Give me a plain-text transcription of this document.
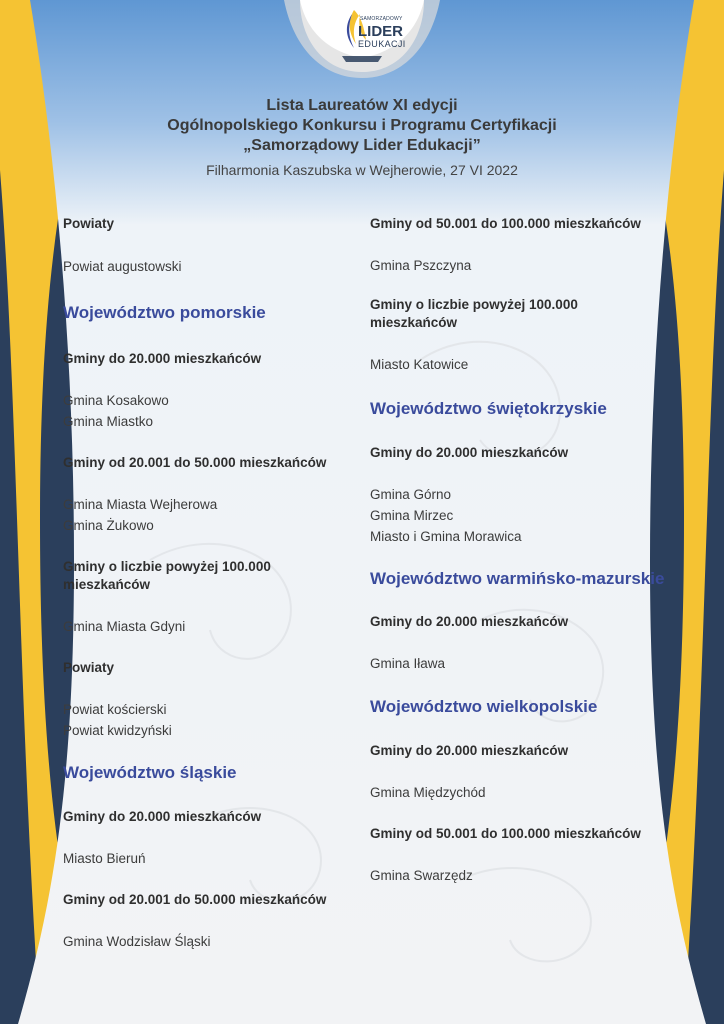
SAMORZĄDOWY
LIDER
EDUKACJI
Lista Laureatów XI edycji
Ogólnopolskiego Konkursu i Programu Certyfikacji
„Samorządowy Lider Edukacji”
Filharmonia Kaszubska w Wejherowie, 27 VI 2022
Powiaty
Powiat augustowski
Województwo pomorskie
Gminy do 20.000 mieszkańców
Gmina Kosakowo
Gmina Miastko
Gminy od 20.001 do 50.000 mieszkańców
Gmina Miasta Wejherowa
Gmina Żukowo
Gminy o liczbie powyżej 100.000
mieszkańców
Gmina Miasta Gdyni
Powiaty
Powiat kościerski
Powiat kwidzyński
Województwo śląskie
Gminy do 20.000 mieszkańców
Miasto Bieruń
Gminy od 20.001 do 50.000 mieszkańców
Gmina Wodzisław Śląski
Gminy od 50.001 do 100.000 mieszkańców
Gmina Pszczyna
Gminy o liczbie powyżej 100.000
mieszkańców
Miasto Katowice
Województwo świętokrzyskie
Gminy do 20.000 mieszkańców
Gmina Górno
Gmina Mirzec
Miasto i Gmina Morawica
Województwo warmińsko-mazurskie
Gminy do 20.000 mieszkańców
Gmina Iława
Województwo wielkopolskie
Gminy do 20.000 mieszkańców
Gmina Międzychód
Gminy od 50.001 do 100.000 mieszkańców
Gmina Swarzędz
